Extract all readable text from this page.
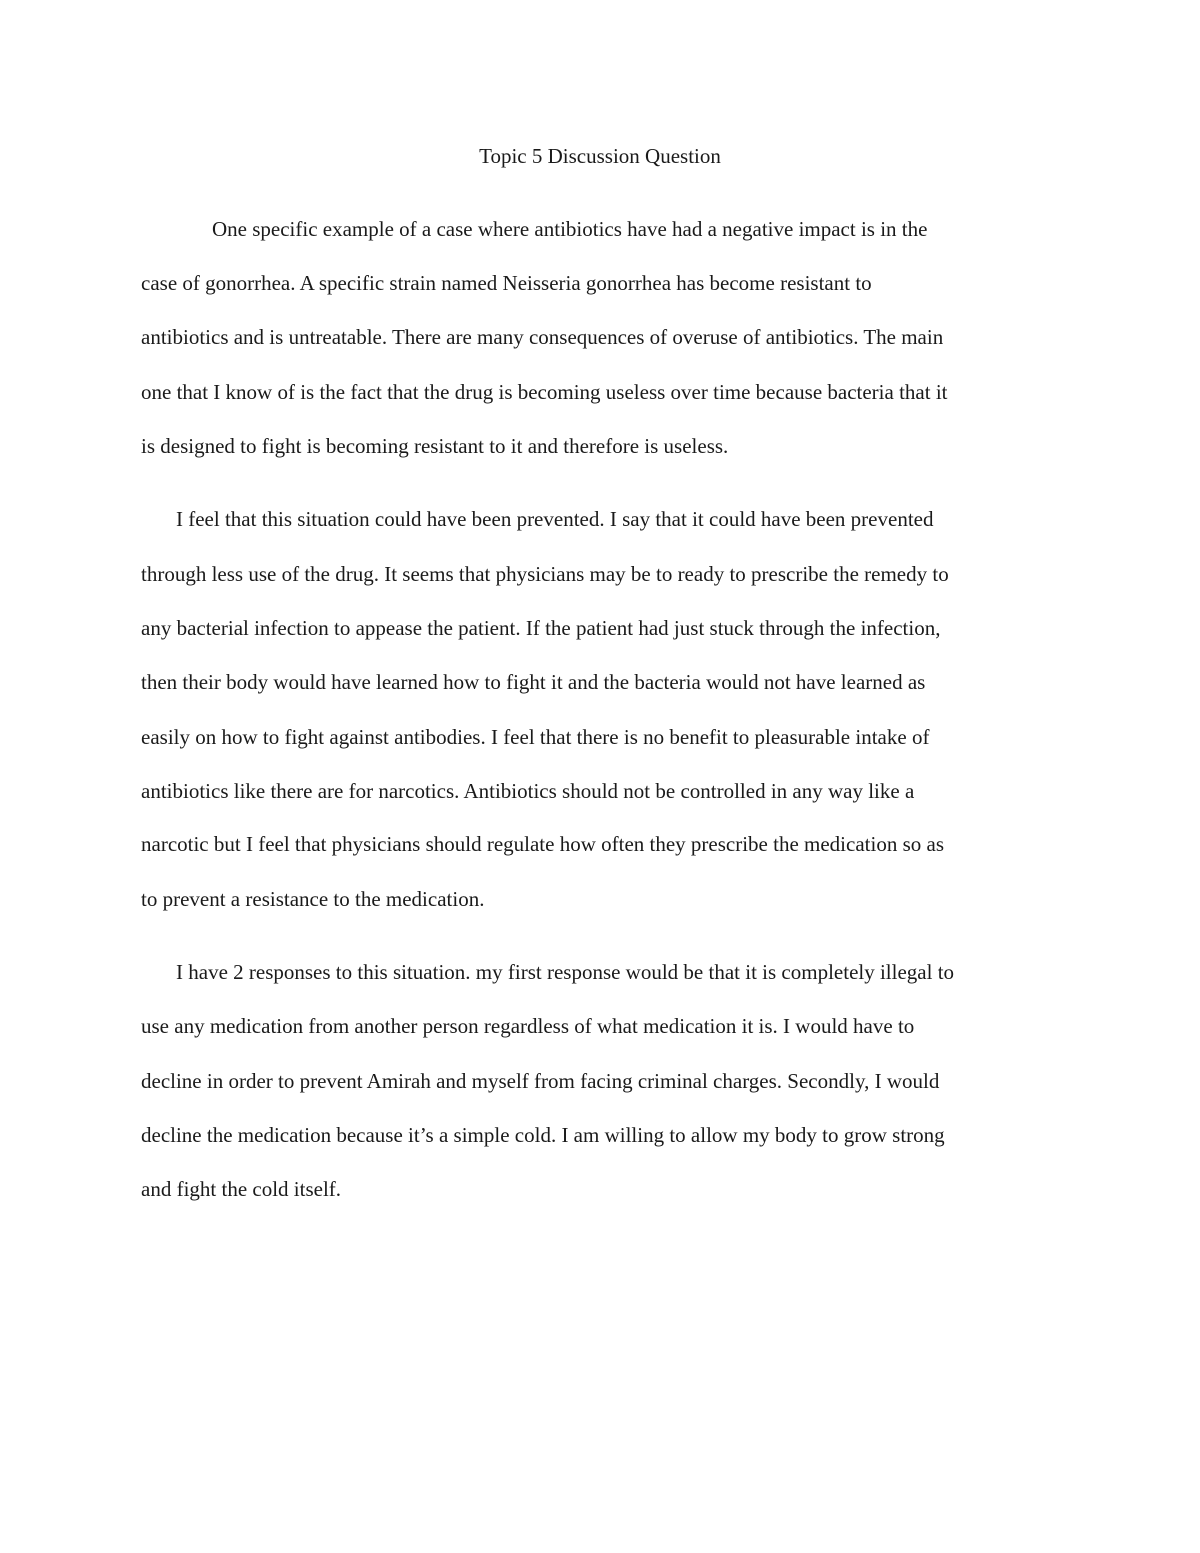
Topic 5 Discussion Question
One specific example of a case where antibiotics have had a negative impact is in the
case of gonorrhea. A specific strain named Neisseria gonorrhea has become resistant to
antibiotics and is untreatable. There are many consequences of overuse of antibiotics. The main
one that I know of is the fact that the drug is becoming useless over time because bacteria that it
is designed to fight is becoming resistant to it and therefore is useless.
I feel that this situation could have been prevented. I say that it could have been prevented
through less use of the drug. It seems that physicians may be to ready to prescribe the remedy to
any bacterial infection to appease the patient. If the patient had just stuck through the infection,
then their body would have learned how to fight it and the bacteria would not have learned as
easily on how to fight against antibodies. I feel that there is no benefit to pleasurable intake of
antibiotics like there are for narcotics. Antibiotics should not be controlled in any way like a
narcotic but I feel that physicians should regulate how often they prescribe the medication so as
to prevent a resistance to the medication.
I have 2 responses to this situation. my first response would be that it is completely illegal to
use any medication from another person regardless of what medication it is. I would have to
decline in order to prevent Amirah and myself from facing criminal charges. Secondly, I would
decline the medication because it’s a simple cold. I am willing to allow my body to grow strong
and fight the cold itself.
